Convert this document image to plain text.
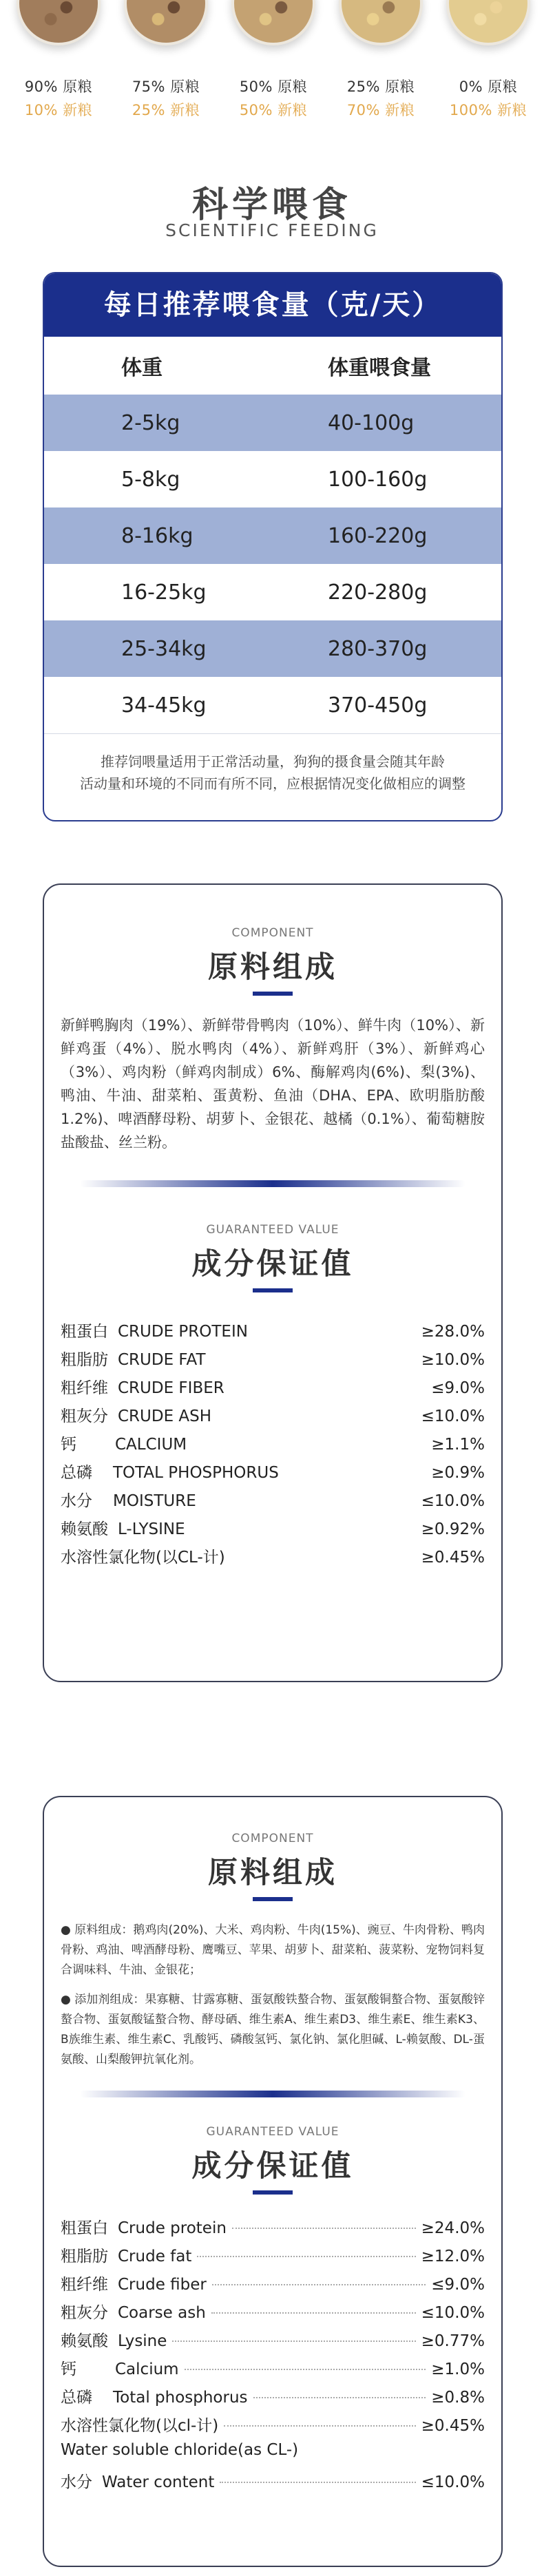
90% 原粮
10% 新粮
75% 原粮
25% 新粮
50% 原粮
50% 新粮
25% 原粮
70% 新粮
0% 原粮
100% 新粮
科学喂食
SCIENTIFIC FEEDING
每日推荐喂食量（克/天）
体重	体重喂食量
2-5kg	40-100g
5-8kg	100-160g
8-16kg	160-220g
16-25kg	220-280g
25-34kg	280-370g
34-45kg	370-450g
推荐饲喂量适用于正常活动量，狗狗的摄食量会随其年龄
活动量和环境的不同而有所不同，应根据情况变化做相应的调整
COMPONENT
原料组成
新鲜鸭胸肉（19%）、新鲜带骨鸭肉（10%）、鲜牛肉（10%）、新鲜鸡蛋（4%）、脱水鸭肉（4%）、新鲜鸡肝（3%）、新鲜鸡心（3%）、鸡肉粉（鲜鸡肉制成）6%、酶解鸡肉(6%)、梨(3%)、鸭油、牛油、甜菜粕、蛋黄粉、鱼油（DHA、EPA、欧明脂肪酸1.2%)、啤酒酵母粉、胡萝卜、金银花、越橘（0.1%）、葡萄糖胺盐酸盐、丝兰粉。
GUARANTEED VALUE
成分保证值
粗蛋白 CRUDE PROTEIN	≥28.0%
粗脂肪 CRUDE FAT	≥10.0%
粗纤维 CRUDE FIBER	≤9.0%
粗灰分 CRUDE ASH	≤10.0%
钙 CALCIUM	≥1.1%
总磷 TOTAL PHOSPHORUS	≥0.9%
水分 MOISTURE	≤10.0%
赖氨酸 L-LYSINE	≥0.92%
水溶性氯化物(以CL-计)	≥0.45%
COMPONENT
原料组成
● 原料组成：鹅鸡肉(20%)、大米、鸡肉粉、牛肉(15%)、豌豆、牛肉骨粉、鸭肉骨粉、鸡油、啤酒酵母粉、鹰嘴豆、苹果、胡萝卜、甜菜粕、菠菜粉、宠物饲料复合调味料、牛油、金银花；
● 添加剂组成：果寡糖、甘露寡糖、蛋氨酸铁螯合物、蛋氨酸铜螯合物、蛋氨酸锌螯合物、蛋氨酸锰螯合物、酵母硒、维生素A、维生素D3、维生素E、维生素K3、B族维生素、维生素C、乳酸钙、磷酸氢钙、氯化钠、氯化胆碱、L-赖氨酸、DL-蛋氨酸、山梨酸钾抗氧化剂。
GUARANTEED VALUE
成分保证值
粗蛋白 Crude protein	≥24.0%
粗脂肪 Crude fat	≥12.0%
粗纤维 Crude fiber	≤9.0%
粗灰分 Coarse ash	≤10.0%
赖氨酸 Lysine	≥0.77%
钙 Calcium	≥1.0%
总磷 Total phosphorus	≥0.8%
水溶性氯化物(以cl-计)	≥0.45%
Water soluble chloride(as CL-)
水分 Water content	≤10.0%
